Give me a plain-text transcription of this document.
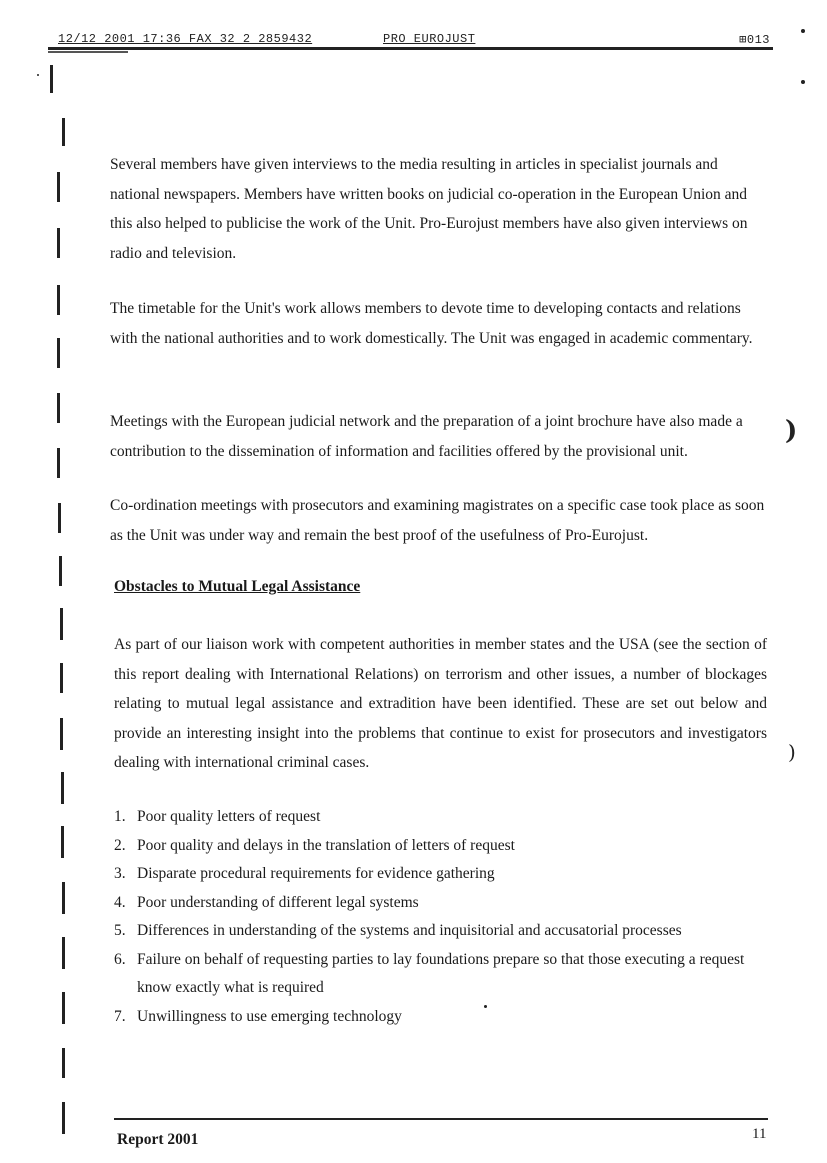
12/12 2001 17:36 FAX 32 2 2859432	PRO EUROJUST	⊞013
)
)

Several members have given interviews to the media resulting in articles in specialist journals and national newspapers. Members have written books on judicial co-operation in the European Union and this also helped to publicise the work of the Unit. Pro-Eurojust members have also given interviews on radio and television.

The timetable for the Unit's work allows members to devote time to developing contacts and relations with the national authorities and to work domestically. The Unit was engaged in academic commentary.

Meetings with the European judicial network and the preparation of a joint brochure have also made a contribution to the dissemination of information and facilities offered by the provisional unit.

Co-ordination meetings with prosecutors and examining magistrates on a specific case took place as soon as the Unit was under way and remain the best proof of the usefulness of Pro-Eurojust.

Obstacles to Mutual Legal Assistance

As part of our liaison work with competent authorities in member states and the USA (see the section of this report dealing with International Relations) on terrorism and other issues, a number of blockages relating to mutual legal assistance and extradition have been identified. These are set out below and provide an interesting insight into the problems that continue to exist for prosecutors and investigators dealing with international criminal cases.

1. Poor quality letters of request
2. Poor quality and delays in the translation of letters of request
3. Disparate procedural requirements for evidence gathering
4. Poor understanding of different legal systems
5. Differences in understanding of the systems and inquisitorial and accusatorial processes
6. Failure on behalf of requesting parties to lay foundations prepare so that those executing a request know exactly what is required
7. Unwillingness to use emerging technology
Report 2001	11
